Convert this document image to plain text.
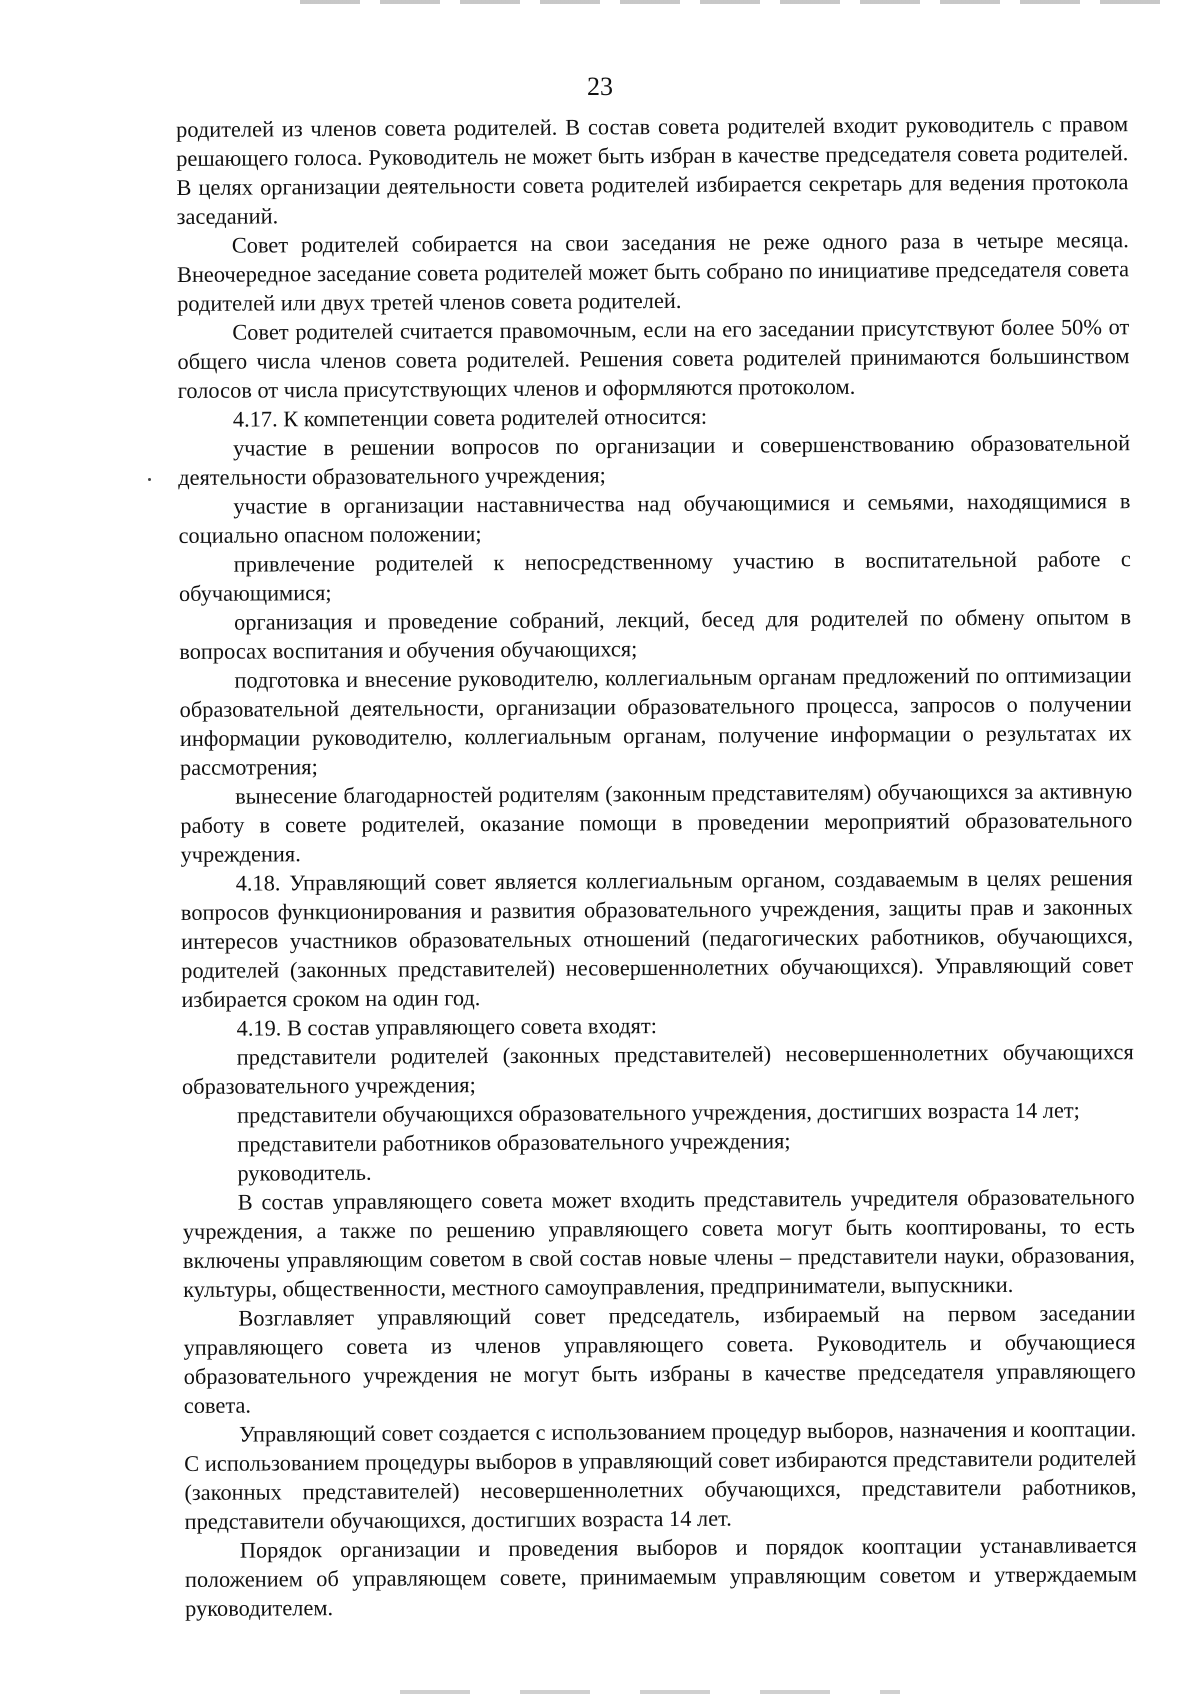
23

родителей из членов совета родителей. В состав совета родителей входит руководитель с правом решающего голоса. Руководитель не может быть избран в качестве председателя совета родителей. В целях организации деятельности совета родителей избирается секретарь для ведения протокола заседаний.

Совет родителей собирается на свои заседания не реже одного раза в четыре месяца. Внеочередное заседание совета родителей может быть собрано по инициативе председателя совета родителей или двух третей членов совета родителей.

Совет родителей считается правомочным, если на его заседании присутствуют более 50% от общего числа членов совета родителей. Решения совета родителей принимаются большинством голосов от числа присутствующих членов и оформляются протоколом.

4.17. К компетенции совета родителей относится:

участие в решении вопросов по организации и совершенствованию образовательной деятельности образовательного учреждения;

участие в организации наставничества над обучающимися и семьями, находящимися в социально опасном положении;

привлечение родителей к непосредственному участию в воспитательной работе с обучающимися;

организация и проведение собраний, лекций, бесед для родителей по обмену опытом в вопросах воспитания и обучения обучающихся;

подготовка и внесение руководителю, коллегиальным органам предложений по оптимизации образовательной деятельности, организации образовательного процесса, запросов о получении информации руководителю, коллегиальным органам, получение информации о результатах их рассмотрения;

вынесение благодарностей родителям (законным представителям) обучающихся за активную работу в совете родителей, оказание помощи в проведении мероприятий образовательного учреждения.

4.18. Управляющий совет является коллегиальным органом, создаваемым в целях решения вопросов функционирования и развития образовательного учреждения, защиты прав и законных интересов участников образовательных отношений (педагогических работников, обучающихся, родителей (законных представителей) несовершеннолетних обучающихся). Управляющий совет избирается сроком на один год.

4.19. В состав управляющего совета входят:

представители родителей (законных представителей) несовершеннолетних обучающихся образовательного учреждения;

представители обучающихся образовательного учреждения, достигших возраста 14 лет;

представители работников образовательного учреждения;

руководитель.

В состав управляющего совета может входить представитель учредителя образовательного учреждения, а также по решению управляющего совета могут быть кооптированы, то есть включены управляющим советом в свой состав новые члены – представители науки, образования, культуры, общественности, местного самоуправления, предприниматели, выпускники.

Возглавляет управляющий совет председатель, избираемый на первом заседании управляющего совета из членов управляющего совета. Руководитель и обучающиеся образовательного учреждения не могут быть избраны в качестве председателя управляющего совета.

Управляющий совет создается с использованием процедур выборов, назначения и кооптации. С использованием процедуры выборов в управляющий совет избираются представители родителей (законных представителей) несовершеннолетних обучающихся, представители работников, представители обучающихся, достигших возраста 14 лет.

Порядок организации и проведения выборов и порядок кооптации устанавливается положением об управляющем совете, принимаемым управляющим советом и утверждаемым руководителем.
